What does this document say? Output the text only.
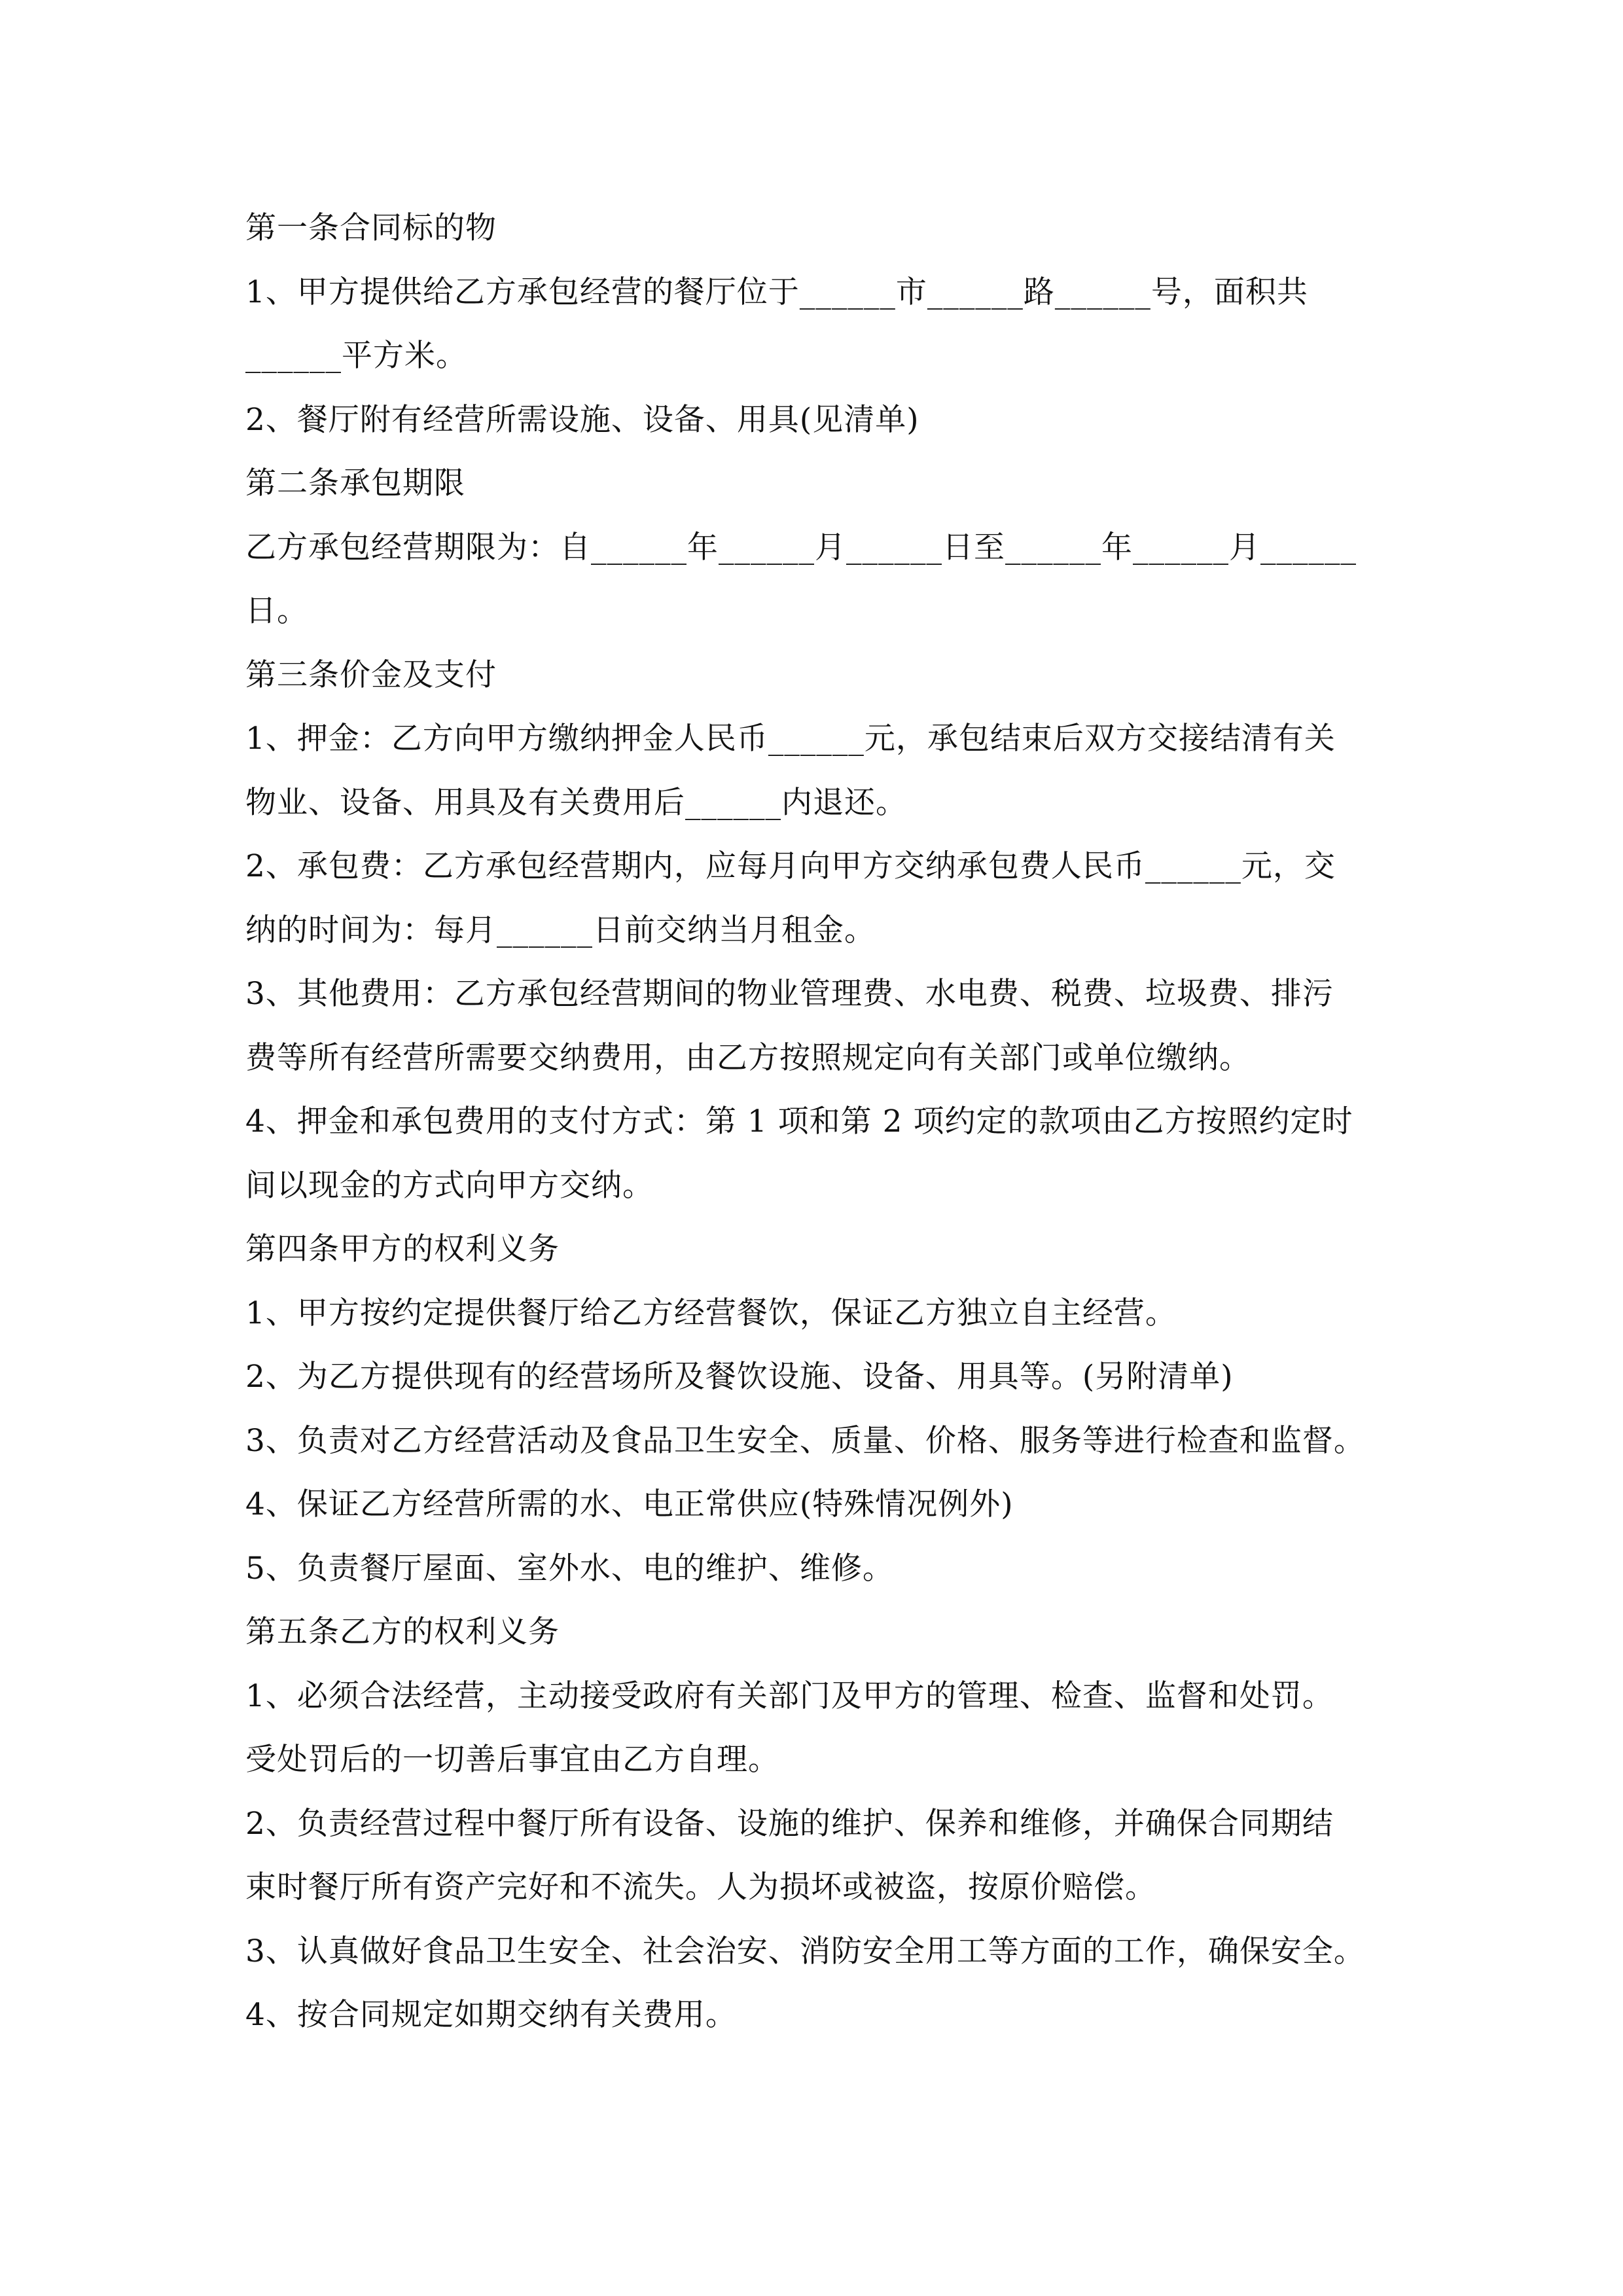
第一条合同标的物
1、甲方提供给乙方承包经营的餐厅位于______市______路______号，面积共
______平方米。
2、餐厅附有经营所需设施、设备、用具(见清单)
第二条承包期限
乙方承包经营期限为：自______年______月______日至______年______月______
日。
第三条价金及支付
1、押金：乙方向甲方缴纳押金人民币______元，承包结束后双方交接结清有关
物业、设备、用具及有关费用后______内退还。
2、承包费：乙方承包经营期内，应每月向甲方交纳承包费人民币______元，交
纳的时间为：每月______日前交纳当月租金。
3、其他费用：乙方承包经营期间的物业管理费、水电费、税费、垃圾费、排污
费等所有经营所需要交纳费用，由乙方按照规定向有关部门或单位缴纳。
4、押金和承包费用的支付方式：第 1 项和第 2 项约定的款项由乙方按照约定时
间以现金的方式向甲方交纳。
第四条甲方的权利义务
1、甲方按约定提供餐厅给乙方经营餐饮，保证乙方独立自主经营。
2、为乙方提供现有的经营场所及餐饮设施、设备、用具等。(另附清单)
3、负责对乙方经营活动及食品卫生安全、质量、价格、服务等进行检查和监督。
4、保证乙方经营所需的水、电正常供应(特殊情况例外)
5、负责餐厅屋面、室外水、电的维护、维修。
第五条乙方的权利义务
1、必须合法经营，主动接受政府有关部门及甲方的管理、检查、监督和处罚。
受处罚后的一切善后事宜由乙方自理。
2、负责经营过程中餐厅所有设备、设施的维护、保养和维修，并确保合同期结
束时餐厅所有资产完好和不流失。人为损坏或被盗，按原价赔偿。
3、认真做好食品卫生安全、社会治安、消防安全用工等方面的工作，确保安全。
4、按合同规定如期交纳有关费用。
